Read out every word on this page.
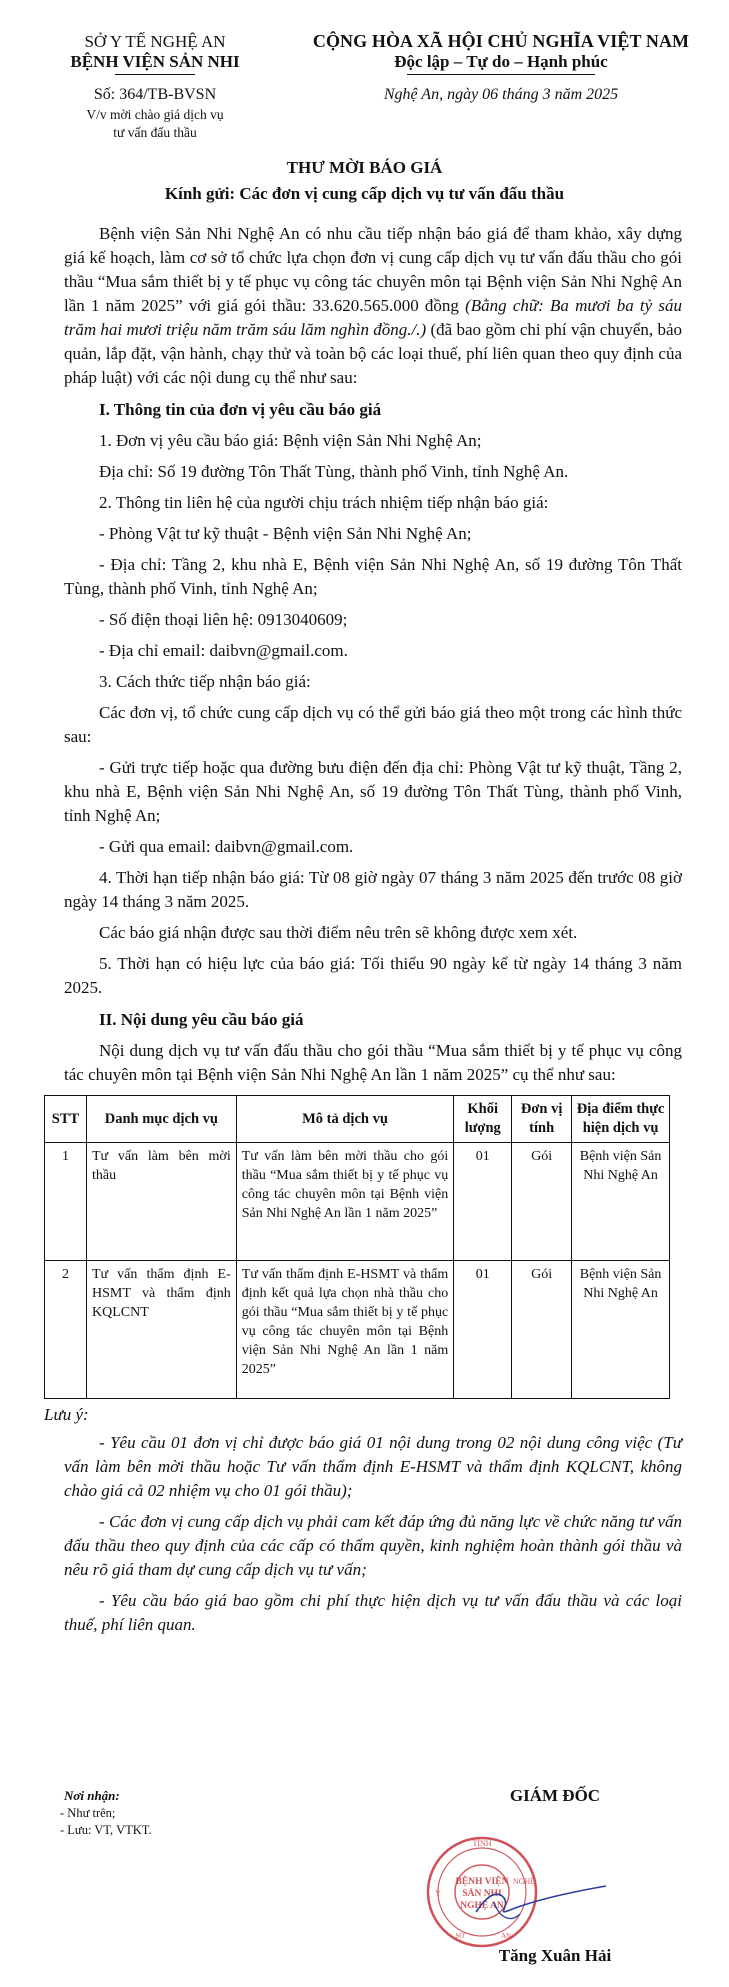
SỞ Y TẾ NGHỆ AN
BỆNH VIỆN SẢN NHI
Số: 364/TB-BVSN
V/v mời chào giá dịch vụ
tư vấn đấu thầu
CỘNG HÒA XÃ HỘI CHỦ NGHĨA VIỆT NAM
Độc lập – Tự do – Hạnh phúc
Nghệ An, ngày 06 tháng 3 năm 2025
THƯ MỜI BÁO GIÁ
Kính gửi: Các đơn vị cung cấp dịch vụ tư vấn đấu thầu

Bệnh viện Sản Nhi Nghệ An có nhu cầu tiếp nhận báo giá để tham khảo, xây dựng giá kế hoạch, làm cơ sở tổ chức lựa chọn đơn vị cung cấp dịch vụ tư vấn đấu thầu cho gói thầu “Mua sắm thiết bị y tế phục vụ công tác chuyên môn tại Bệnh viện Sản Nhi Nghệ An lần 1 năm 2025” với giá gói thầu: 33.620.565.000 đồng (Bằng chữ: Ba mươi ba tỷ sáu trăm hai mươi triệu năm trăm sáu lăm nghìn đồng./.) (đã bao gồm chi phí vận chuyển, bảo quản, lắp đặt, vận hành, chạy thử và toàn bộ các loại thuế, phí liên quan theo quy định của pháp luật) với các nội dung cụ thể như sau:

I. Thông tin của đơn vị yêu cầu báo giá

1. Đơn vị yêu cầu báo giá: Bệnh viện Sản Nhi Nghệ An;

Địa chỉ: Số 19 đường Tôn Thất Tùng, thành phố Vinh, tỉnh Nghệ An.

2. Thông tin liên hệ của người chịu trách nhiệm tiếp nhận báo giá:

- Phòng Vật tư kỹ thuật - Bệnh viện Sản Nhi Nghệ An;

- Địa chỉ: Tầng 2, khu nhà E, Bệnh viện Sản Nhi Nghệ An, số 19 đường Tôn Thất Tùng, thành phố Vinh, tỉnh Nghệ An;

- Số điện thoại liên hệ: 0913040609;

- Địa chỉ email: daibvn@gmail.com.

3. Cách thức tiếp nhận báo giá:

Các đơn vị, tổ chức cung cấp dịch vụ có thể gửi báo giá theo một trong các hình thức sau:

- Gửi trực tiếp hoặc qua đường bưu điện đến địa chỉ: Phòng Vật tư kỹ thuật, Tầng 2, khu nhà E, Bệnh viện Sản Nhi Nghệ An, số 19 đường Tôn Thất Tùng, thành phố Vinh, tỉnh Nghệ An;

- Gửi qua email: daibvn@gmail.com.

4. Thời hạn tiếp nhận báo giá: Từ 08 giờ ngày 07 tháng 3 năm 2025 đến trước 08 giờ ngày 14 tháng 3 năm 2025.

Các báo giá nhận được sau thời điểm nêu trên sẽ không được xem xét.

5. Thời hạn có hiệu lực của báo giá: Tối thiểu 90 ngày kể từ ngày 14 tháng 3 năm 2025.

II. Nội dung yêu cầu báo giá

Nội dung dịch vụ tư vấn đấu thầu cho gói thầu “Mua sắm thiết bị y tế phục vụ công tác chuyên môn tại Bệnh viện Sản Nhi Nghệ An lần 1 năm 2025” cụ thể như sau:

STT	Danh mục dịch vụ	Mô tả dịch vụ	Khối lượng	Đơn vị tính	Địa điểm thực hiện dịch vụ
1	Tư vấn làm bên mời thầu	Tư vấn làm bên mời thầu cho gói thầu “Mua sắm thiết bị y tế phục vụ công tác chuyên môn tại Bệnh viện Sản Nhi Nghệ An lần 1 năm 2025”	01	Gói	Bệnh viện Sản Nhi Nghệ An
2	Tư vấn thẩm định E-HSMT và thẩm định KQLCNT	Tư vấn thẩm định E-HSMT và thẩm định kết quả lựa chọn nhà thầu cho gói thầu “Mua sắm thiết bị y tế phục vụ công tác chuyên môn tại Bệnh viện Sản Nhi Nghệ An lần 1 năm 2025”	01	Gói	Bệnh viện Sản Nhi Nghệ An
Lưu ý:

- Yêu cầu 01 đơn vị chỉ được báo giá 01 nội dung trong 02 nội dung công việc (Tư vấn làm bên mời thầu hoặc Tư vấn thẩm định E-HSMT và thẩm định KQLCNT, không chào giá cả 02 nhiệm vụ cho 01 gói thầu);

- Các đơn vị cung cấp dịch vụ phải cam kết đáp ứng đủ năng lực về chức năng tư vấn đấu thầu theo quy định của các cấp có thẩm quyền, kinh nghiệm hoàn thành gói thầu và nêu rõ giá tham dự cung cấp dịch vụ tư vấn;

- Yêu cầu báo giá bao gồm chi phí thực hiện dịch vụ tư vấn đấu thầu và các loại thuế, phí liên quan.

Nơi nhận:
- Như trên;
- Lưu: VT, VTKT.
GIÁM ĐỐC
TỈNH
Y
NGHỆ
SỞ	AN
BỆNH VIỆN
SẢN NHI
NGHỆ AN
Tăng Xuân Hải
